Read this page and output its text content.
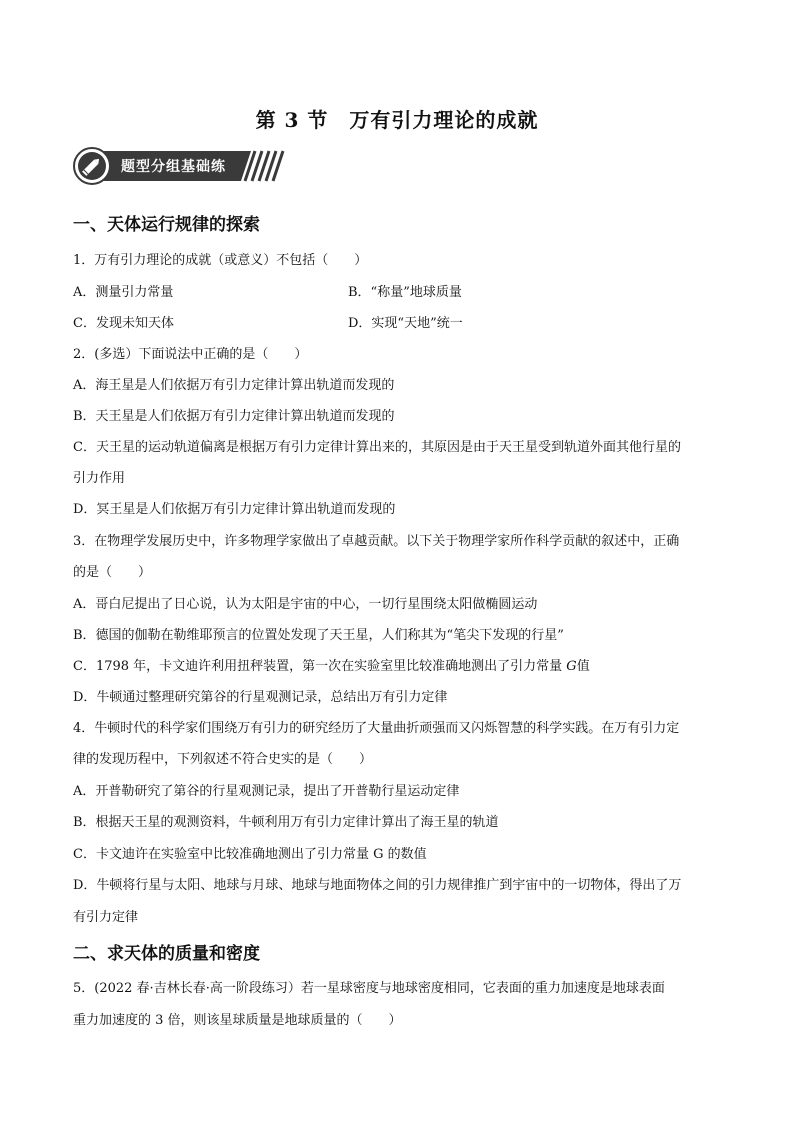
第 3 节　万有引力理论的成就
题型分组基础练
一、天体运行规律的探索
1．万有引力理论的成就（或意义）不包括（　　）
A．测量引力常量	B．“称量”地球质量
C．发现未知天体	D．实现“天地”统一
2．(多选）下面说法中正确的是（　　）
A．海王星是人们依据万有引力定律计算出轨道而发现的
B．天王星是人们依据万有引力定律计算出轨道而发现的
C．天王星的运动轨道偏离是根据万有引力定律计算出来的，其原因是由于天王星受到轨道外面其他行星的
引力作用
D．冥王星是人们依据万有引力定律计算出轨道而发现的
3．在物理学发展历史中，许多物理学家做出了卓越贡献。以下关于物理学家所作科学贡献的叙述中，正确
的是（　　）
A．哥白尼提出了日心说，认为太阳是宇宙的中心，一切行星围绕太阳做椭圆运动
B．德国的伽勒在勒维耶预言的位置处发现了天王星，人们称其为“笔尖下发现的行星”
C．1798 年，卡文迪许利用扭秤装置，第一次在实验室里比较准确地测出了引力常量 G值
D．牛顿通过整理研究第谷的行星观测记录，总结出万有引力定律
4．牛顿时代的科学家们围绕万有引力的研究经历了大量曲折顽强而又闪烁智慧的科学实践。在万有引力定
律的发现历程中，下列叙述不符合史实的是（　　）
A．开普勒研究了第谷的行星观测记录，提出了开普勒行星运动定律
B．根据天王星的观测资料，牛顿利用万有引力定律计算出了海王星的轨道
C．卡文迪许在实验室中比较准确地测出了引力常量 G 的数值
D．牛顿将行星与太阳、地球与月球、地球与地面物体之间的引力规律推广到宇宙中的一切物体，得出了万
有引力定律
二、求天体的质量和密度
5．(2022 春·吉林长春·高一阶段练习）若一星球密度与地球密度相同，它表面的重力加速度是地球表面
重力加速度的 3 倍，则该星球质量是地球质量的（　　）
